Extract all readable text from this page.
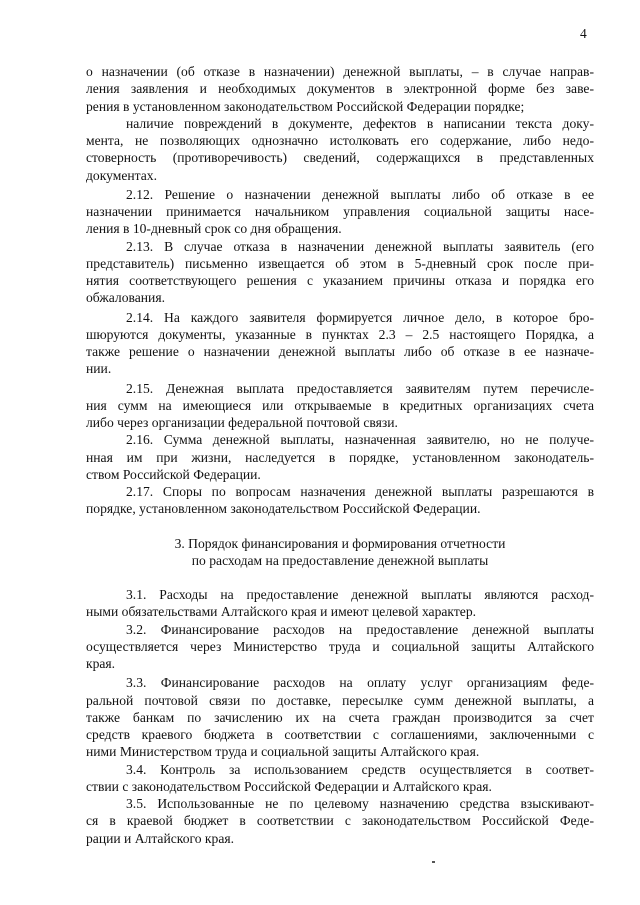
4
о назначении (об отказе в назначении) денежной выплаты, – в случае направ-
ления заявления и необходимых документов в электронной форме без заве-
рения в установленном законодательством Российской Федерации порядке;
наличие повреждений в документе, дефектов в написании текста доку-
мента, не позволяющих однозначно истолковать его содержание, либо недо-
стоверность (противоречивость) сведений, содержащихся в представленных
документах.
2.12. Решение о назначении денежной выплаты либо об отказе в ее
назначении принимается начальником управления социальной защиты насе-
ления в 10-дневный срок со дня обращения.
2.13. В случае отказа в назначении денежной выплаты заявитель (его
представитель) письменно извещается об этом в 5-дневный срок после при-
нятия соответствующего решения с указанием причины отказа и порядка его
обжалования.
2.14. На каждого заявителя формируется личное дело, в которое бро-
шюруются документы, указанные в пунктах 2.3 – 2.5 настоящего Порядка, а
также решение о назначении денежной выплаты либо об отказе в ее назначе-
нии.
2.15. Денежная выплата предоставляется заявителям путем перечисле-
ния сумм на имеющиеся или открываемые в кредитных организациях счета
либо через организации федеральной почтовой связи.
2.16. Сумма денежной выплаты, назначенная заявителю, но не получе-
нная им при жизни, наследуется в порядке, установленном законодатель-
ством Российской Федерации.
2.17. Споры по вопросам назначения денежной выплаты разрешаются в
порядке, установленном законодательством Российской Федерации.
3. Порядок финансирования и формирования отчетности
по расходам на предоставление денежной выплаты
3.1. Расходы на предоставление денежной выплаты являются расход-
ными обязательствами Алтайского края и имеют целевой характер.
3.2. Финансирование расходов на предоставление денежной выплаты
осуществляется через Министерство труда и социальной защиты Алтайского
края.
3.3. Финансирование расходов на оплату услуг организациям феде-
ральной почтовой связи по доставке, пересылке сумм денежной выплаты, а
также банкам по зачислению их на счета граждан производится за счет
средств краевого бюджета в соответствии с соглашениями, заключенными с
ними Министерством труда и социальной защиты Алтайского края.
3.4. Контроль за использованием средств осуществляется в соответ-
ствии с законодательством Российской Федерации и Алтайского края.
3.5. Использованные не по целевому назначению средства взыскивают-
ся в краевой бюджет в соответствии с законодательством Российской Феде-
рации и Алтайского края.
